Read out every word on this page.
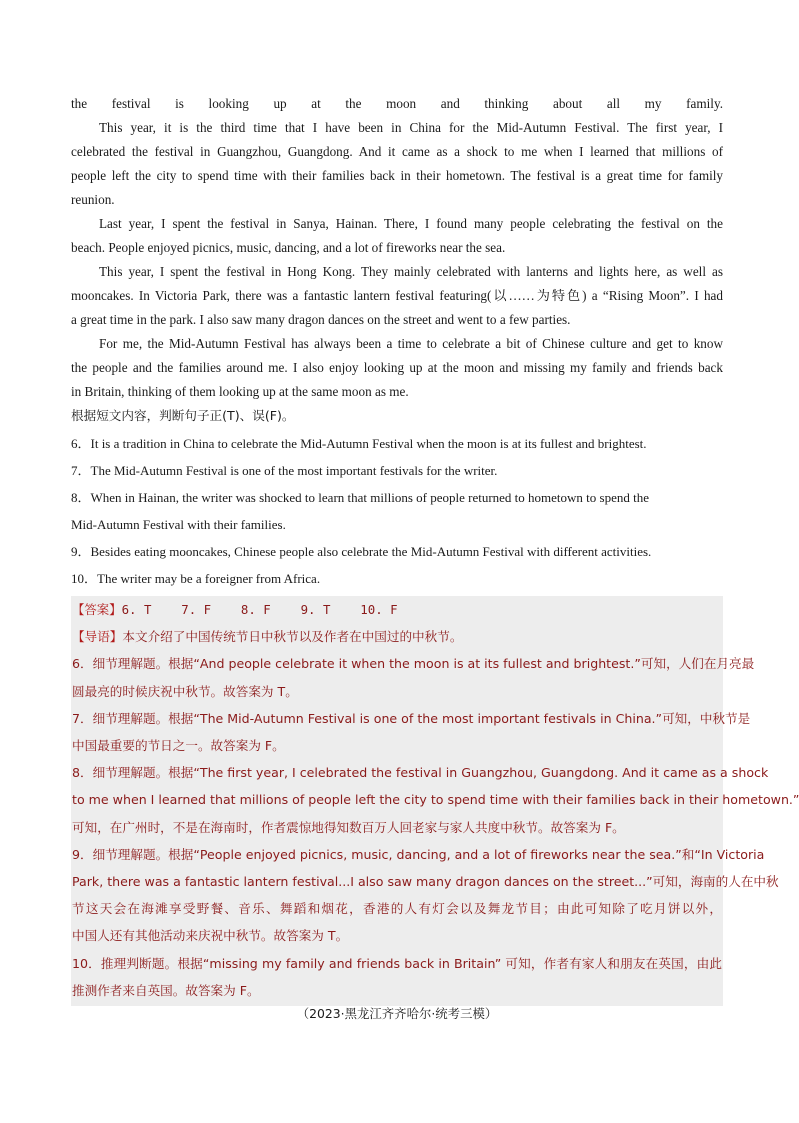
the festival is looking up at the moon and thinking about all my family.
This year, it is the third time that I have been in China for the Mid-Autumn Festival. The first year, I
celebrated the festival in Guangzhou, Guangdong. And it came as a shock to me when I learned that millions of
people left the city to spend time with their families back in their hometown. The festival is a great time for family
reunion.
Last year, I spent the festival in Sanya, Hainan. There, I found many people celebrating the festival on the
beach. People enjoyed picnics, music, dancing, and a lot of fireworks near the sea.
This year, I spent the festival in Hong Kong. They mainly celebrated with lanterns and lights here, as well as
mooncakes. In Victoria Park, there was a fantastic lantern festival featuring(以……为特色) a “Rising Moon”. I had
a great time in the park. I also saw many dragon dances on the street and went to a few parties.
For me, the Mid-Autumn Festival has always been a time to celebrate a bit of Chinese culture and get to know
the people and the families around me. I also enjoy looking up at the moon and missing my family and friends back
in Britain, thinking of them looking up at the same moon as me.
根据短文内容，判断句子正(T)、误(F)。
6．It is a tradition in China to celebrate the Mid-Autumn Festival when the moon is at its fullest and brightest.
7．The Mid-Autumn Festival is one of the most important festivals for the writer.
8．When in Hainan, the writer was shocked to learn that millions of people returned to hometown to spend the
Mid-Autumn Festival with their families.
9．Besides eating mooncakes, Chinese people also celebrate the Mid-Autumn Festival with different activities.
10．The writer may be a foreigner from Africa.
【答案】6. T    7. F    8. F    9. T    10. F
【导语】本文介绍了中国传统节日中秋节以及作者在中国过的中秋节。
6．细节理解题。根据“And people celebrate it when the moon is at its fullest and brightest.”可知，人们在月亮最
圆最亮的时候庆祝中秋节。故答案为 T。
7．细节理解题。根据“The Mid-Autumn Festival is one of the most important festivals in China.”可知，中秋节是
中国最重要的节日之一。故答案为 F。
8．细节理解题。根据“The first year, I celebrated the festival in Guangzhou, Guangdong. And it came as a shock
to me when I learned that millions of people left the city to spend time with their families back in their hometown.”
可知，在广州时，不是在海南时，作者震惊地得知数百万人回老家与家人共度中秋节。故答案为 F。
9．细节理解题。根据“People enjoyed picnics, music, dancing, and a lot of fireworks near the sea.”和“In Victoria
Park, there was a fantastic lantern festival...I also saw many dragon dances on the street...”可知，海南的人在中秋
节这天会在海滩享受野餐、音乐、舞蹈和烟花，香港的人有灯会以及舞龙节目；由此可知除了吃月饼以外，
中国人还有其他活动来庆祝中秋节。故答案为 T。
10．推理判断题。根据“missing my family and friends back in Britain” 可知，作者有家人和朋友在英国，由此
推测作者来自英国。故答案为 F。
（2023·黑龙江齐齐哈尔·统考三模）
